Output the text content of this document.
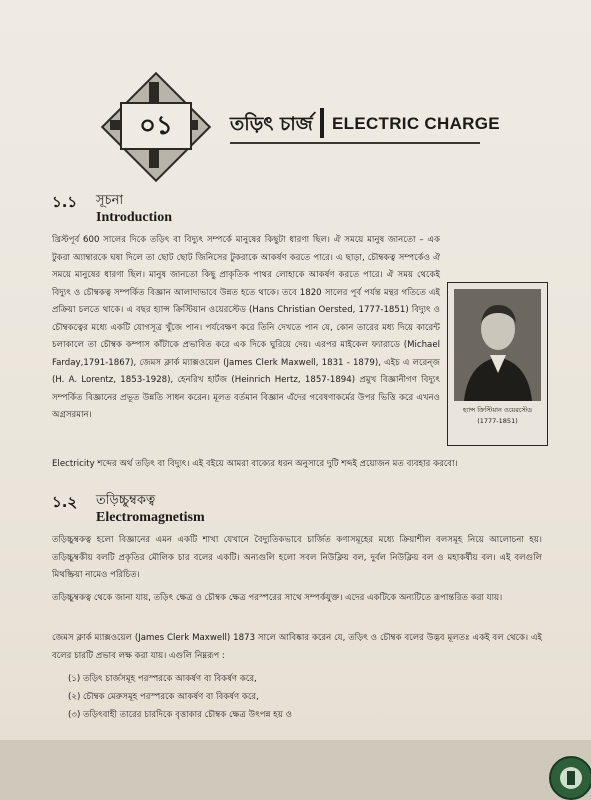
০১	তড়িৎ চার্জ ELECTRIC CHARGE
১.১ সূচনা
Introduction

খ্রিস্টপূর্ব 600 সালের দিকে তড়িৎ বা বিদ্যুৎ সম্পর্কে মানুষের কিছুটা ধারণা ছিল। ঐ সময়ে মানুষ জানতো – এক টুকরা অ্যাম্বারকে ঘষা দিলে তা ছোট ছোট জিনিসের টুকরাকে আকর্ষণ করতে পারে। এ ছাড়া, চৌম্বকত্ব সম্পর্কেও ঐ সময়ে মানুষের ধারণা ছিল। মানুষ জানতো কিছু প্রাকৃতিক পাথর লোহাকে আকর্ষণ করতে পারে। ঐ সময় থেকেই বিদ্যুৎ ও চৌম্বকত্ব সম্পর্কিত বিজ্ঞান আলাদাভাবে উন্নত হতে থাকে। তবে 1820 সালের পূর্ব পর্যন্ত মন্থর গতিতে এই প্রক্রিয়া চলতে থাকে। এ বছর হ্যান্স ক্রিস্টিয়ান ওয়েরস্টেড (Hans Christian Oersted, 1777-1851) বিদ্যুৎ ও চৌম্বকত্বের মধ্যে একটি যোগসূত্র খুঁজে পান। পর্যবেক্ষণ করে তিনি দেখতে পান যে, কোন তারের মধ্য দিয়ে কারেন্ট চলাকালে তা চৌম্বক কম্পাস কাঁটাকে প্রভাবিত করে এক দিকে ঘুরিয়ে দেয়। এরপর মাইকেল ফ্যারাডে (Michael Farday,1791-1867), জেমস ক্লার্ক ম্যাক্সওয়েল (James Clerk Maxwell, 1831 - 1879), এইচ এ লরেন্জ (H. A. Lorentz, 1853-1928), হেনরিখ হার্টজ (Heinrich Hertz, 1857-1894) প্রমুখ বিজ্ঞানীগণ বিদ্যুৎ সম্পর্কিত বিজ্ঞানের প্রভূত উন্নতি সাধন করেন। মূলত বর্তমান বিজ্ঞান এঁদের গবেষণাকর্মের উপর ভিত্তি করে এখনও অগ্রসরমান।	হ্যান্স ক্রিস্টিয়ান ওয়েরস্টেড
(1777-1851)

Electricity শব্দের অর্থ তড়িৎ বা বিদ্যুৎ। এই বইয়ে আমরা বাক্যের ধরন অনুসারে দুটি শব্দই প্রয়োজন মত ব্যবহার করবো।

১.২ তড়িচ্চুম্বকত্ব
Electromagnetism

তড়িচ্চুম্বকত্ব হলো বিজ্ঞানের এমন একটি শাখা যেখানে বৈদ্যুতিকভাবে চার্জিত কণাসমূহের মধ্যে ক্রিয়াশীল বলসমূহ নিয়ে আলোচনা হয়। তড়িচ্চুম্বকীয় বলটি প্রকৃতির মৌলিক চার বলের একটি। অন্যগুলি হলো সবল নিউক্লিয় বল, দুর্বল নিউক্লিয় বল ও মহাকর্ষীয় বল। এই বলগুলি মিথষ্ক্রিয়া নামেও পরিচিত।

তড়িচ্চুম্বকত্ব থেকে জানা যায়, তড়িৎ ক্ষেত্র ও চৌম্বক ক্ষেত্র পরস্পরের সাথে সম্পর্কযুক্ত। এদের একটিকে অন্যটিতে রূপান্তরিত করা যায়।

জেমস ক্লার্ক ম্যাক্সওয়েল (James Clerk Maxwell) 1873 সালে আবিষ্কার করেন যে, তড়িৎ ও চৌম্বক বলের উদ্ভব মূলতঃ একই বল থেকে। এই বলের চারটি প্রভাব লক্ষ করা যায়। এগুলি নিম্নরূপ :

(১) তড়িৎ চার্জসমূহ পরস্পরকে আকর্ষণ বা বিকর্ষণ করে,
(২) চৌম্বক মেরুসমূহ পরস্পরকে আকর্ষণ বা বিকর্ষণ করে,
(৩) তড়িৎবাহী তারের চারদিকে বৃত্তাকার চৌম্বক ক্ষেত্র উৎপন্ন হয় ও
